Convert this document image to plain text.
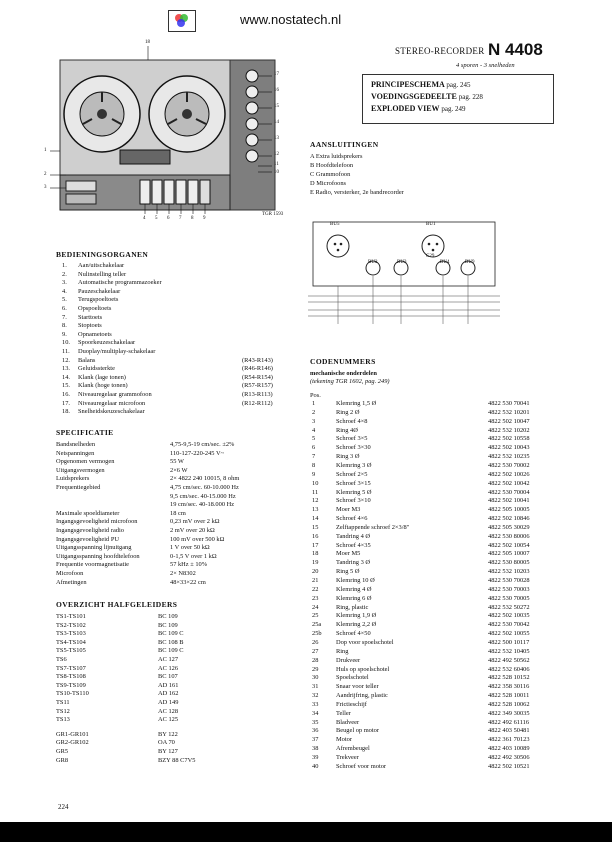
www.nostatech.nl
STEREO-RECORDER N 4408
4 sporen - 3 snelheden
PRINCIPESCHEMA pag. 245
VOEDINGSGEDEELTE pag. 228
EXPLODED VIEW pag. 249
17
16
15
14
13
12
11
10
18
1
2
3
4 5 6 7 8 9
TGR 1593
AANSLUITINGEN
A Extra luidsprekers
B Hoofdtelefoon
C Grammofoon
D Microfoons
E Radio, versterker, 2e bandrecorder
BU5	BU1
C29
BU2	BU3	BU4	BU9
BEDIENINGSORGANEN
1. Aan/uitschakelaar
2. Nulinstelling teller
3. Automatische programmazoeker
4. Pauzeschakelaar
5. Terugspoeltoets
6. Opspoeltoets
7. Starttoets
8. Stoptoets
9. Opnametoets
10. Spoorkeuzeschakelaar
11. Duoplay/multiplay-schakelaar
12. Balans	(R43-R143)
13. Geluidssterkte	(R46-R146)
14. Klank (lage tonen)	(R54-R154)
15. Klank (hoge tonen)	(R57-R157)
16. Niveauregelaar grammofoon	(R13-R113)
17. Niveauregelaar microfoon	(R12-R112)
18. Snelheidskeuzeschakelaar
SPECIFICATIE
Bandsnelheden	4,75-9,5-19 cm/sec. ±2%
Netspanningen	110-127-220-245 V~
Opgenomen vermogen	55 W
Uitgangsvermogen	2×6 W
Luidsprekers	2× 4822 240 10015, 8 ohm
Frequentiegebied	4,75 cm/sec. 60-10.000 Hz
9,5 cm/sec. 40-15.000 Hz
19 cm/sec. 40-18.000 Hz
Maximale spoeldiameter	18 cm
Ingangsgevoeligheid microfoon	0,23 mV over 2 kΩ
Ingangsgevoeligheid radio	2 mV over 20 kΩ
Ingangsgevoeligheid PU	100 mV over 500 kΩ
Uitgangsspanning lijnuitgang	1 V over 50 kΩ
Uitgangsspanning hoofdtelefoon	0-1,5 V over 1 kΩ
Frequentie voormagnetisatie	57 kHz ± 10%
Microfoon	2× N8302
Afmetingen	48×33×22 cm
OVERZICHT HALFGELEIDERS
TS1-TS101	BC 109
TS2-TS102	BC 109
TS3-TS103	BC 109 C
TS4-TS104	BC 108 B
TS5-TS105	BC 109 C
TS6	AC 127
TS7-TS107	AC 126
TS8-TS108	BC 107
TS9-TS109	AD 161
TS10-TS110	AD 162
TS11	AD 149
TS12	AC 128
TS13	AC 125
GR1-GR101	BY 122
GR2-GR102	OA 70
GR5	BY 127
GR8	BZY 88 C7V5
CODENUMMERS
mechanische onderdelen
(tekening TGR 1602, pag. 249)
Pos.
1	Klemring 1,5 Ø	4822 530 70041
2	Ring 2 Ø	4822 532 10201
3	Schroef 4×8	4822 502 10047
4	Ring 4Ø	4822 532 10202
5	Schroef 3×5	4822 502 10558
6	Schroef 3×30	4822 502 10043
7	Ring 3 Ø	4822 532 10235
8	Klemring 3 Ø	4822 530 70002
9	Schroef 2×5	4822 502 10026
10	Schroef 3×15	4822 502 10042
11	Klemring 5 Ø	4822 530 70004
12	Schroef 3×10	4822 502 10041
13	Moer M3	4822 505 10005
14	Schroef 4×6	4822 502 10846
15	Zelftappende schroef 2×3/8"	4822 505 30029
16	Tandring 4 Ø	4822 530 80006
17	Schroef 4×35	4822 502 10054
18	Moer M5	4822 505 10007
19	Tandring 3 Ø	4822 530 80005
20	Ring 5 Ø	4822 532 10203
21	Klemring 10 Ø	4822 530 70028
22	Klemring 4 Ø	4822 530 70003
23	Klemring 6 Ø	4822 530 70005
24	Ring, plastic	4822 532 50272
25	Klemring 1,9 Ø	4822 502 10035
25a Klemring 2,2 Ø	4822 530 70042
25b Schroef 4×50	4822 502 10055
26	Dop voor spoelschotel	4822 500 10117
27	Ring	4822 532 10405
28	Drukveer	4822 492 50562
29	Huls op spoelschotel	4822 532 60406
30	Spoelschotel	4822 528 10152
31	Snaar voor teller	4822 358 30116
32	Aandrijfring, plastic	4822 528 10011
33	Frictieschijf	4822 528 10062
34	Teller	4822 349 30035
35	Bladveer	4822 492 61116
36	Beugel op motor	4822 403 50481
37	Motor	4822 361 70123
38	Afrembeugel	4822 403 10089
39	Trekveer	4822 492 30506
40	Schroef voor motor	4822 502 10521
224
